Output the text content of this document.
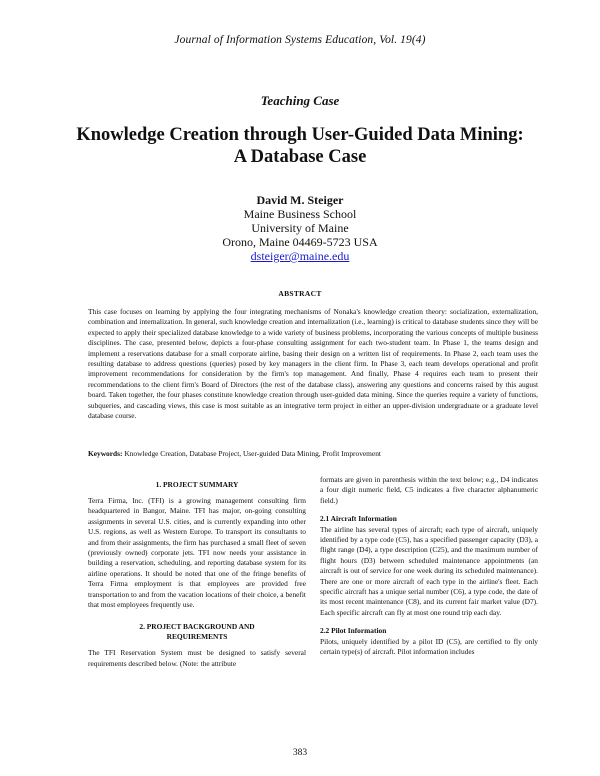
Journal of Information Systems Education, Vol. 19(4)
Teaching Case
Knowledge Creation through User-Guided Data Mining:
A Database Case
David M. Steiger
Maine Business School
University of Maine
Orono, Maine 04469-5723 USA
dsteiger@maine.edu
ABSTRACT
This case focuses on learning by applying the four integrating mechanisms of Nonaka's knowledge creation theory: socialization, externalization, combination and internalization. In general, such knowledge creation and internalization (i.e., learning) is critical to database students since they will be expected to apply their specialized database knowledge to a wide variety of business problems, incorporating the various concepts of multiple business disciplines. The case, presented below, depicts a four-phase consulting assignment for each two-student team. In Phase 1, the teams design and implement a reservations database for a small corporate airline, basing their design on a written list of requirements. In Phase 2, each team uses the resulting database to address questions (queries) posed by key managers in the client firm. In Phase 3, each team develops operational and profit improvement recommendations for consideration by the firm's top management. And finally, Phase 4 requires each team to present their recommendations to the client firm's Board of Directors (the rest of the database class), answering any questions and concerns raised by this august board. Taken together, the four phases constitute knowledge creation through user-guided data mining. Since the queries require a variety of functions, subqueries, and cascading views, this case is most suitable as an integrative term project in either an upper-division undergraduate or a graduate level database course.
Keywords: Knowledge Creation, Database Project, User-guided Data Mining, Profit Improvement
1. PROJECT SUMMARY

Terra Firma, Inc. (TFI) is a growing management consulting firm headquartered in Bangor, Maine. TFI has major, on-going consulting assignments in several U.S. cities, and is currently expanding into other U.S. regions, as well as Western Europe. To transport its consultants to and from their assignments, the firm has purchased a small fleet of seven (previously owned) corporate jets. TFI now needs your assistance in building a reservation, scheduling, and reporting database system for its airline operations. It should be noted that one of the fringe benefits of Terra Firma employment is that employees are provided free transportation to and from the vacation locations of their choice, a benefit that most employees frequently use.

2. PROJECT BACKGROUND AND
REQUIREMENTS

The TFI Reservation System must be designed to satisfy several requirements described below. (Note: the attribute

formats are given in parenthesis within the text below; e.g., D4 indicates a four digit numeric field, C5 indicates a five character alphanumeric field.)

2.1 Aircraft Information

The airline has several types of aircraft; each type of aircraft, uniquely identified by a type code (C5), has a specified passenger capacity (D3), a flight range (D4), a type description (C25), and the maximum number of flight hours (D3) between scheduled maintenance appointments (an aircraft is out of service for one week during its scheduled maintenance). There are one or more aircraft of each type in the airline's fleet. Each specific aircraft has a unique serial number (C6), a type code, the date of its most recent maintenance (C8), and its current fair market value (D7). Each specific aircraft can fly at most one round trip each day.

2.2 Pilot Information

Pilots, uniquely identified by a pilot ID (C5), are certified to fly only certain type(s) of aircraft. Pilot information includes

383
